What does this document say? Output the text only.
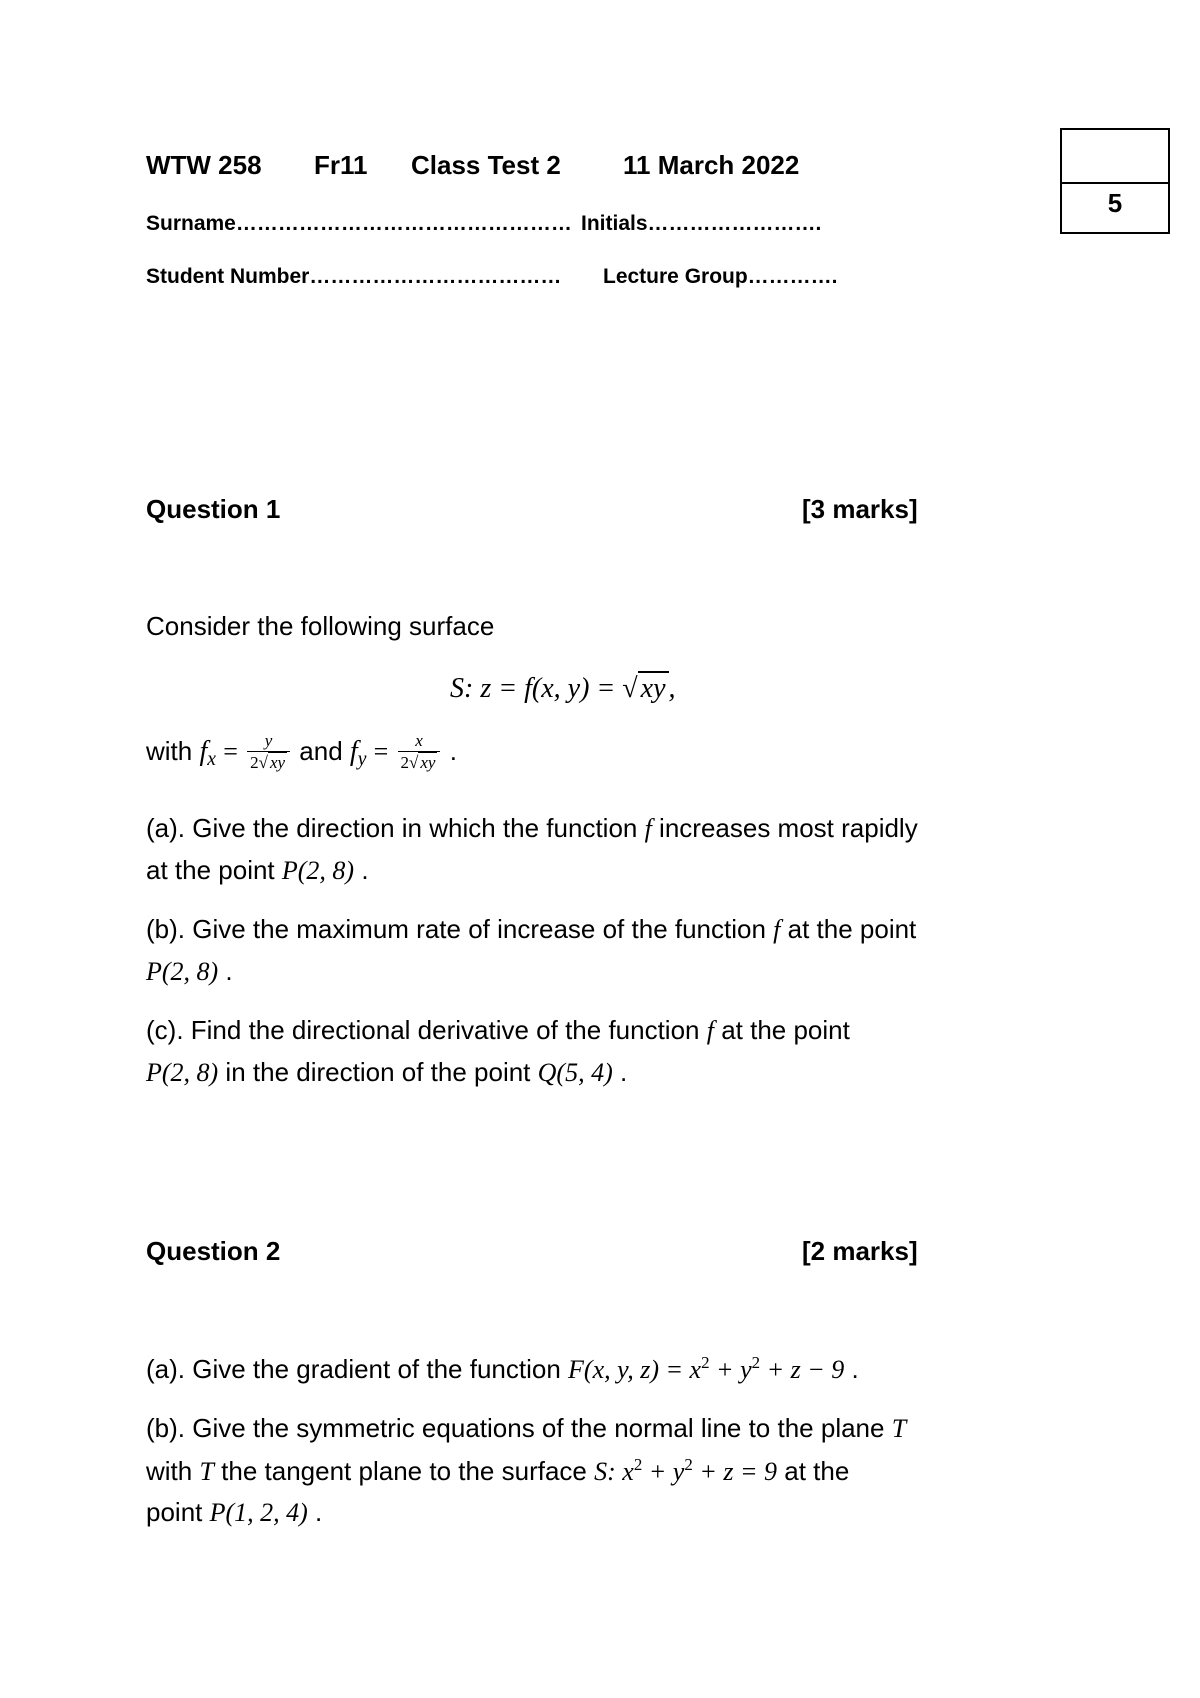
WTW 258 Fr11 Class Test 2 11 March 2022
Surname………………………………………… Initials…………………….
Student Number……………………………… Lecture Group………….
5
Question 1	[3 marks]
Consider the following surface
S: z = f(x, y) = √ xy ,
with $f_x = \frac{y}{2√ xy}$ and $f_y = \frac{x}{2√ xy}$ .
(a). Give the direction in which the function f increases most rapidly
at the point P(2, 8) .
(b). Give the maximum rate of increase of the function f at the point
P(2, 8) .
(c). Find the directional derivative of the function f at the point
P(2, 8) in the direction of the point Q(5, 4) .
Question 2	[2 marks]
(a). Give the gradient of the function F(x, y, $z) = x^2 + y^2 + z - 9$ .
(b). Give the symmetric equations of the normal line to the plane T
with T the tangent plane to the surface S: $x^2 + y^2 + z = 9$ at the
point P(1, 2, 4) .
